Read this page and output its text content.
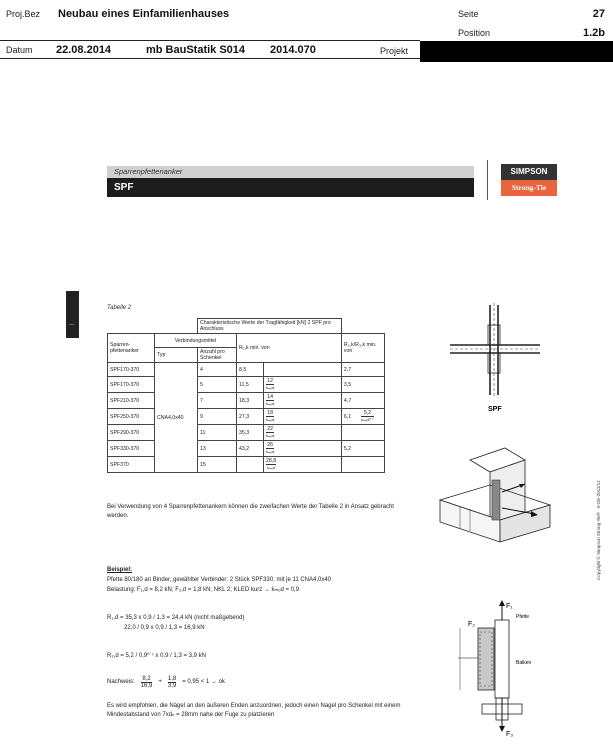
Proj.Bez Neubau eines Einfamilienhauses	Seite	27
Position	1.2b
Datum 22.08.2014	mb BauStatik S014 2014.070	Projekt
Sparrenpfettenanker
SPF
SIMPSON
Strong-Tie
—
Tabelle 2
		Charakteristische Werte der Tragfähigkeit [kN] 2 SPF pro Anschluss			
Sparren-pfettenanker	Verbindungsmittel		R₁,k min. von		R₂,k/R₃,k min. von
	Typ	Anzahl pro Schenkel			
SPF170-370	CNA4,0x40	4	8,5		2,7
SPF170-370		5	11,5	$\frac{12}{\text{kₘₒd}}$	3,5
SPF210-370		7	18,3	$\frac{14}{\text{kₘₒd}}$	4,7
SPF250-370		9	27,3	$\frac{18}{\text{kₘₒd}}$	$6,1 \frac{5,2}{\text{kₘₒd⁰˙⁷}}$

SPF290-370		11	35,3	$\frac{22}{\text{kₘₒd}}$

SPF330-370		13	43,2	$\frac{26}{\text{kₘₒd}}$	5,2
SPF370		15		$\frac{28,8}{\text{kₘₒd}}$

Bei Verwendung von 4 Sparrenpfettenankern können die zweifachen Werte der Tabelle 2 in Ansatz gebracht werden.
Beispiel:
Pfette 80/180 an Binder, gewählter Verbinder: 2 Stück SPF330; mit je 11 CNA4,0x40
Belastung: F₁,d = 8,2 kN; F₂,d = 1,8 kN; NKL 2; KLED kurz → kₘₒd = 0,9
R₁,d = 35,3 x 0,9 / 1,3 = 24,4 kN (nicht maßgebend)
22,0 / 0,9 x 0,9 / 1,3 = 16,9 kN
R₂,d = 5,2 / 0,9⁰˙⁷ x 0,9 / 1,3 = 3,9 kN
Nachweis: $\frac{8,2}{16,9} + \frac{1,8}{3,9} = 0,95 < 1$ → ok
Es wird empfohlen, die Nägel an den äußeren Enden anzuordnen, jedoch einen Nagel pro Schenkel mit einem Mindestabstand von 7xdₙ = 28mm nahe der Fuge zu platzieren
SPF
F₁
F₂
F₃
Pfette
Balken
Copyright © Simpson Strong-Tie® - 0-DE-2011/12
